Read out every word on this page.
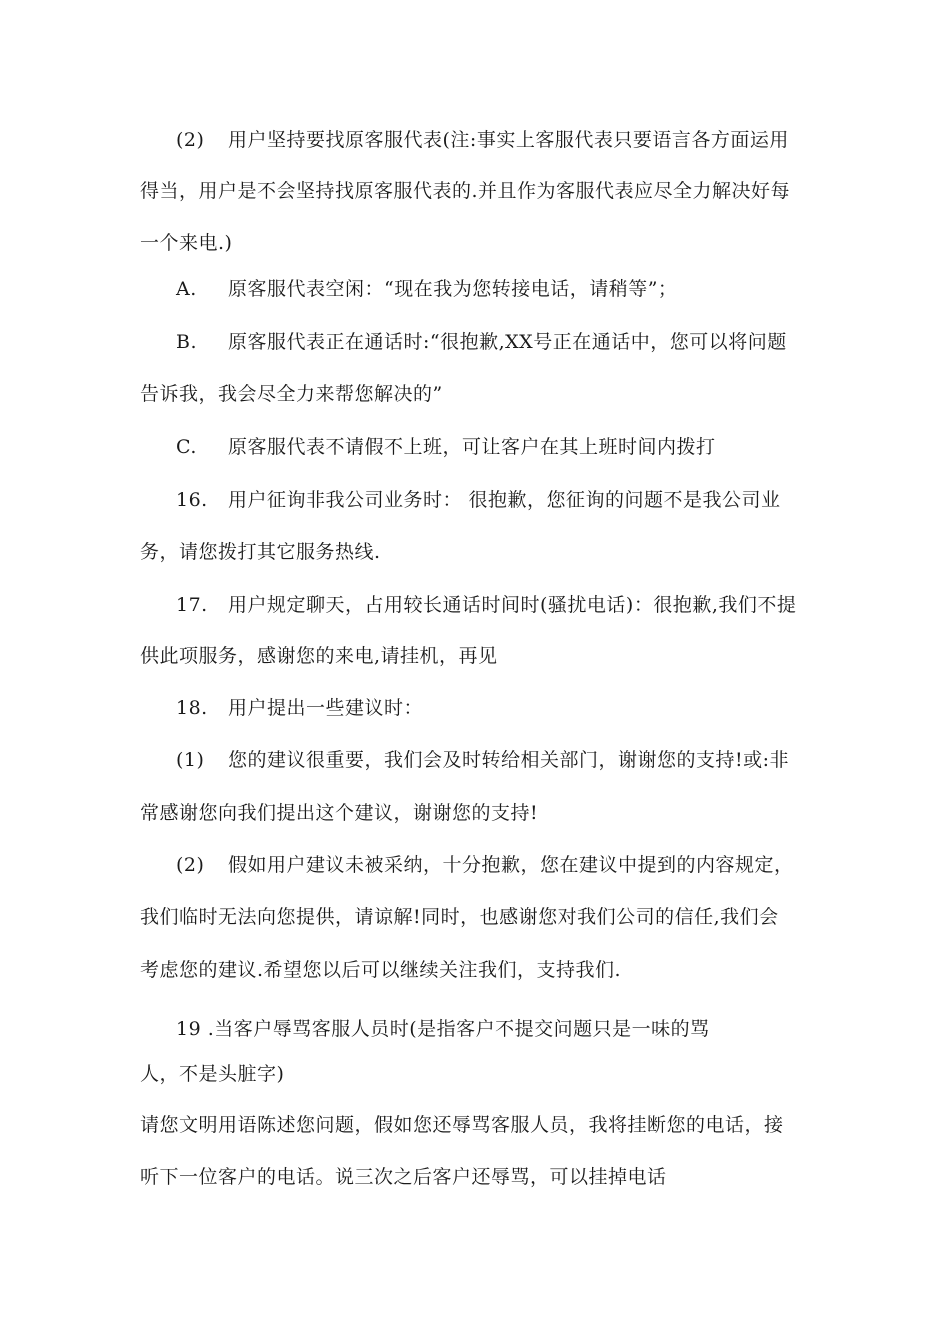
(2) 用户坚持要找原客服代表(注:事实上客服代表只要语言各方面运用
得当，用户是不会坚持找原客服代表的.并且作为客服代表应尽全力解决好每
一个来电.)
A. 原客服代表空闲：“现在我为您转接电话，请稍等”；
B. 原客服代表正在通话时:“很抱歉,XX号正在通话中，您可以将问题
告诉我，我会尽全力来帮您解决的”
C. 原客服代表不请假不上班，可让客户在其上班时间内拨打
16. 用户征询非我公司业务时： 很抱歉，您征询的问题不是我公司业
务，请您拨打其它服务热线.
17. 用户规定聊天，占用较长通话时间时(骚扰电话)：很抱歉,我们不提
供此项服务，感谢您的来电,请挂机，再见
18. 用户提出一些建议时：
(1) 您的建议很重要，我们会及时转给相关部门，谢谢您的支持!或:非
常感谢您向我们提出这个建议，谢谢您的支持!
(2) 假如用户建议未被采纳，十分抱歉，您在建议中提到的内容规定，
我们临时无法向您提供，请谅解!同时，也感谢您对我们公司的信任,我们会
考虑您的建议.希望您以后可以继续关注我们，支持我们.
19 .当客户辱骂客服人员时(是指客户不提交问题只是一味的骂
人，不是头脏字)
请您文明用语陈述您问题，假如您还辱骂客服人员，我将挂断您的电话，接
听下一位客户的电话。说三次之后客户还辱骂，可以挂掉电话
